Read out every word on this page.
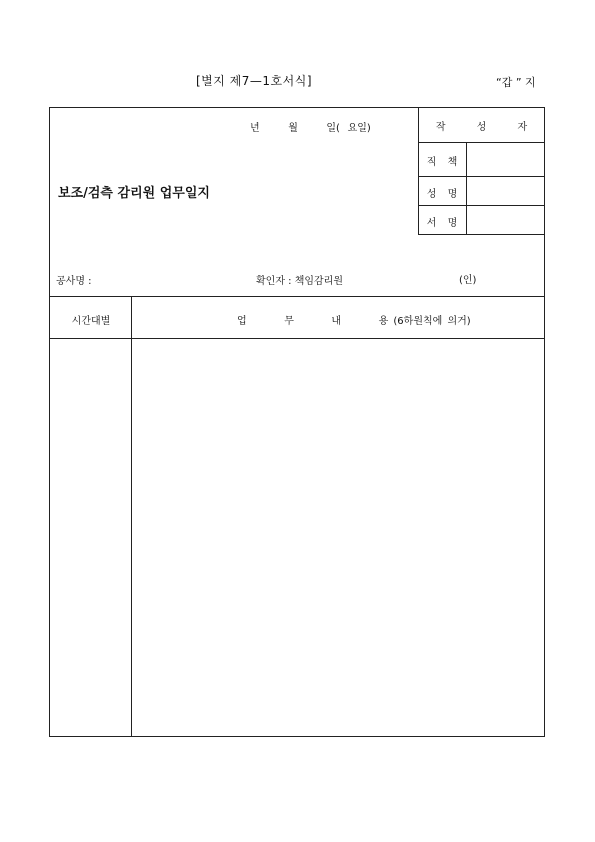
[별지 제7—1호서식]	“갑 ” 지
년	월	일( 요일)
보조/검측 감리원 업무일지
작 성 자
직 책
성 명
서 명
공사명 :	확인자 : 책임감리원	(인)
시간대별	업	무	내	용 (6하원칙에 의거)
